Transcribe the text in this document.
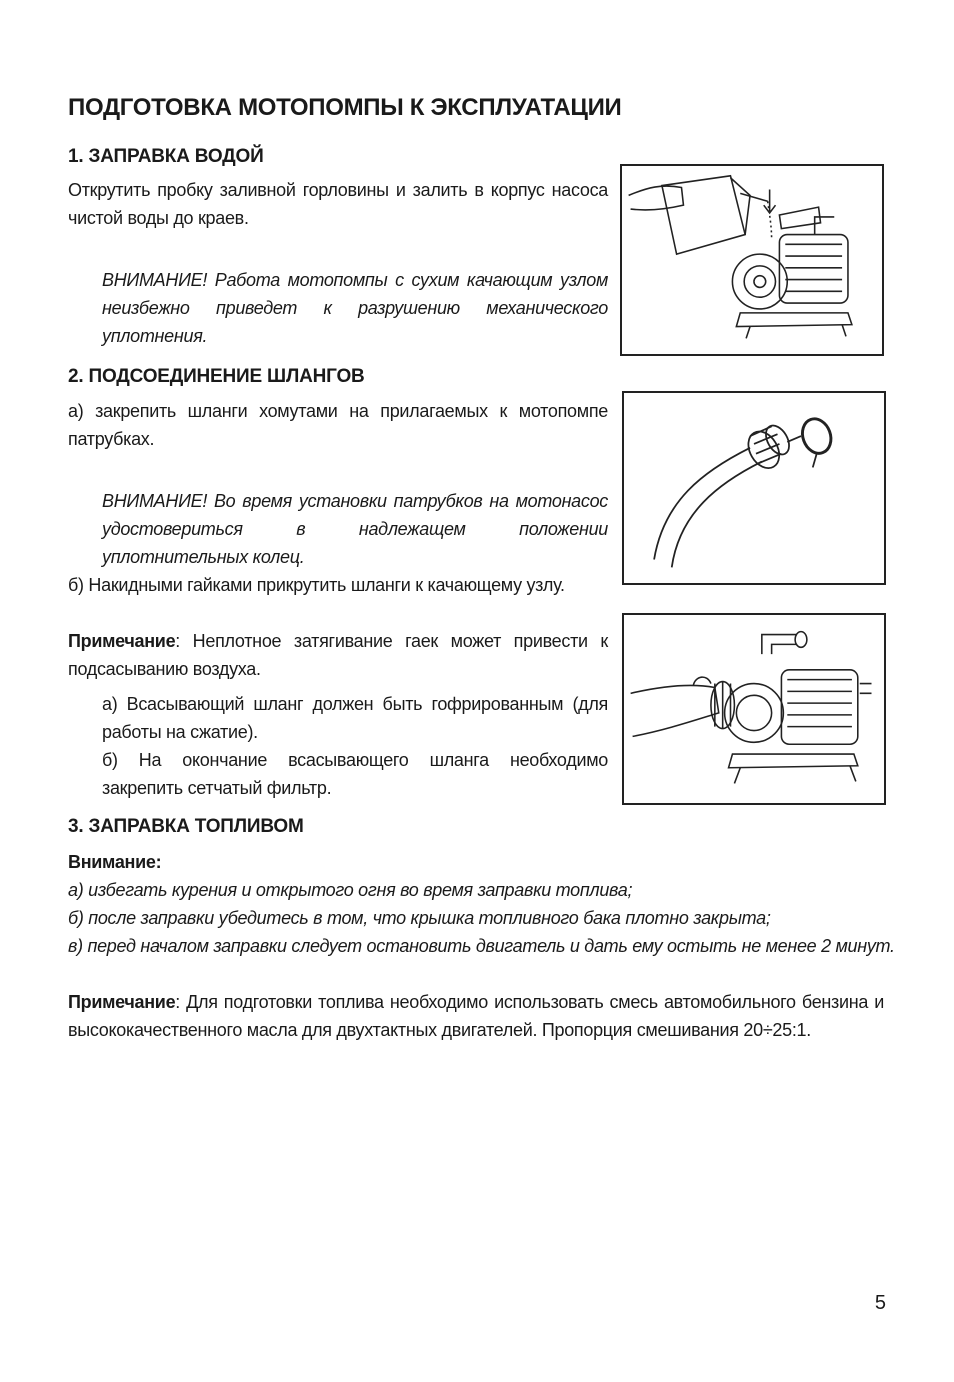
ПОДГОТОВКА МОТОПОМПЫ К ЭКСПЛУАТАЦИИ
1. ЗАПРАВКА ВОДОЙ
Открутить пробку заливной горловины и залить в корпус насоса чистой воды до краев.
ВНИМАНИЕ! Работа мотопомпы с сухим качающим узлом неизбежно приведет к разрушению механического уплотнения.
2. ПОДСОЕДИНЕНИЕ ШЛАНГОВ
а) закрепить шланги хомутами на прилагаемых к мотопомпе патрубках.
ВНИМАНИЕ! Во время установки патрубков на мотонасос удостовериться в надлежащем положении уплотнительных колец.
б) Накидными гайками прикрутить шланги к качающему узлу.
Примечание: Неплотное затягивание гаек может привести к подсасыванию воздуха.
а) Всасывающий шланг должен быть гофрированным (для работы на сжатие).
б) На окончание всасывающего шланга необходимо закрепить сетчатый фильтр.
3. ЗАПРАВКА ТОПЛИВОМ
Внимание:
а) избегать курения и открытого огня во время заправки топлива;
б) после заправки убедитесь в том, что крышка топливного бака плотно закрыта;
в) перед началом заправки следует остановить двигатель и дать ему остыть не менее 2 минут.
Примечание: Для подготовки топлива необходимо использовать смесь автомобильного бензина и высококачественного масла для двухтактных двигателей. Пропорция смешивания 20÷25:1.
5
